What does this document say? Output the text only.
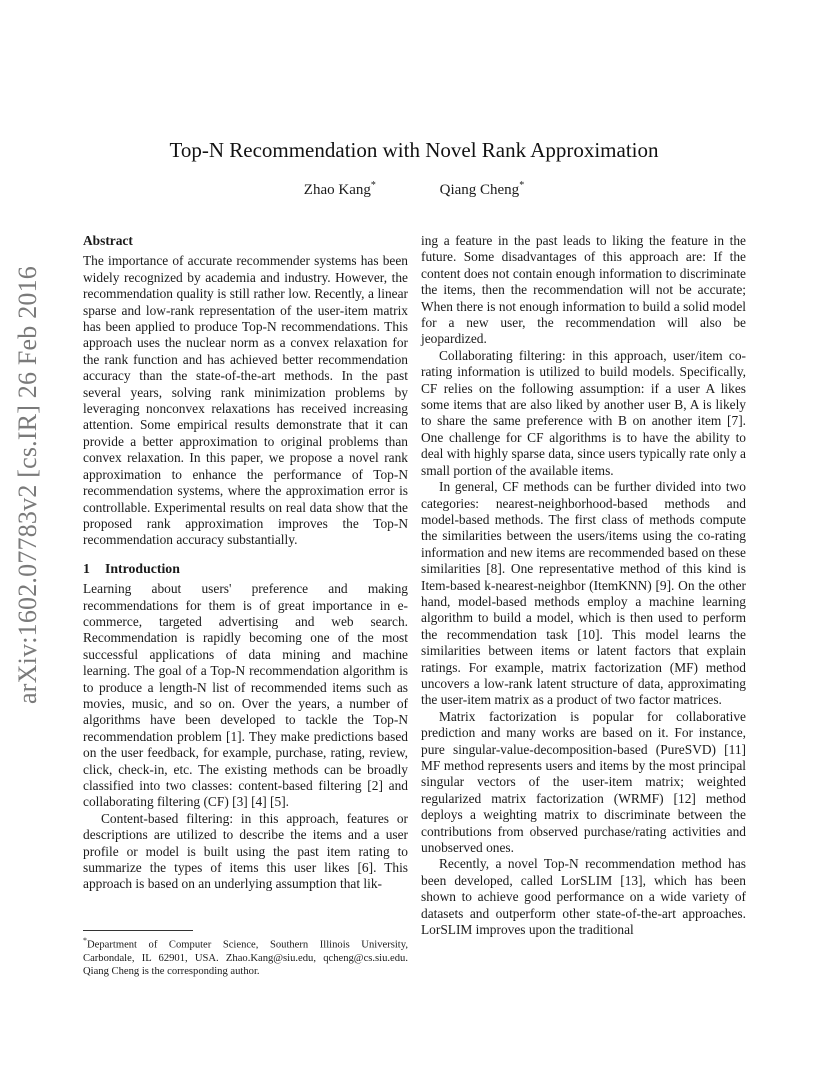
arXiv:1602.07783v2 [cs.IR] 26 Feb 2016
Top-N Recommendation with Novel Rank Approximation
Zhao Kang*	Qiang Cheng*
Abstract

The importance of accurate recommender systems has been widely recognized by academia and industry. However, the recommendation quality is still rather low. Recently, a linear sparse and low-rank representation of the user-item matrix has been applied to produce Top-N recommendations. This approach uses the nuclear norm as a convex relaxation for the rank function and has achieved better recommendation accuracy than the state-of-the-art methods. In the past several years, solving rank minimization problems by leveraging nonconvex relaxations has received increasing attention. Some empirical results demonstrate that it can provide a better approximation to original problems than convex relaxation. In this paper, we propose a novel rank approximation to enhance the performance of Top-N recommendation systems, where the approximation error is controllable. Experimental results on real data show that the proposed rank approximation improves the Top-N recommendation accuracy substantially.

1 Introduction

Learning about users' preference and making recommendations for them is of great importance in e-commerce, targeted advertising and web search. Recommendation is rapidly becoming one of the most successful applications of data mining and machine learning. The goal of a Top-N recommendation algorithm is to produce a length-N list of recommended items such as movies, music, and so on. Over the years, a number of algorithms have been developed to tackle the Top-N recommendation problem [1]. They make predictions based on the user feedback, for example, purchase, rating, review, click, check-in, etc. The existing methods can be broadly classified into two classes: content-based filtering [2] and collaborating filtering (CF) [3] [4] [5].

Content-based filtering: in this approach, features or descriptions are utilized to describe the items and a user profile or model is built using the past item rating to summarize the types of items this user likes [6]. This approach is based on an underlying assumption that lik-

ing a feature in the past leads to liking the feature in the future. Some disadvantages of this approach are: If the content does not contain enough information to discriminate the items, then the recommendation will not be accurate; When there is not enough information to build a solid model for a new user, the recommendation will also be jeopardized.

Collaborating filtering: in this approach, user/item co-rating information is utilized to build models. Specifically, CF relies on the following assumption: if a user A likes some items that are also liked by another user B, A is likely to share the same preference with B on another item [7]. One challenge for CF algorithms is to have the ability to deal with highly sparse data, since users typically rate only a small portion of the available items.

In general, CF methods can be further divided into two categories: nearest-neighborhood-based methods and model-based methods. The first class of methods compute the similarities between the users/items using the co-rating information and new items are recommended based on these similarities [8]. One representative method of this kind is Item-based k-nearest-neighbor (ItemKNN) [9]. On the other hand, model-based methods employ a machine learning algorithm to build a model, which is then used to perform the recommendation task [10]. This model learns the similarities between items or latent factors that explain ratings. For example, matrix factorization (MF) method uncovers a low-rank latent structure of data, approximating the user-item matrix as a product of two factor matrices.

Matrix factorization is popular for collaborative prediction and many works are based on it. For instance, pure singular-value-decomposition-based (PureSVD) [11] MF method represents users and items by the most principal singular vectors of the user-item matrix; weighted regularized matrix factorization (WRMF) [12] method deploys a weighting matrix to discriminate between the contributions from observed purchase/rating activities and unobserved ones.

Recently, a novel Top-N recommendation method has been developed, called LorSLIM [13], which has been shown to achieve good performance on a wide variety of datasets and outperform other state-of-the-art approaches. LorSLIM improves upon the traditional

*Department of Computer Science, Southern Illinois University, Carbondale, IL 62901, USA. Zhao.Kang@siu.edu, qcheng@cs.siu.edu. Qiang Cheng is the corresponding author.
